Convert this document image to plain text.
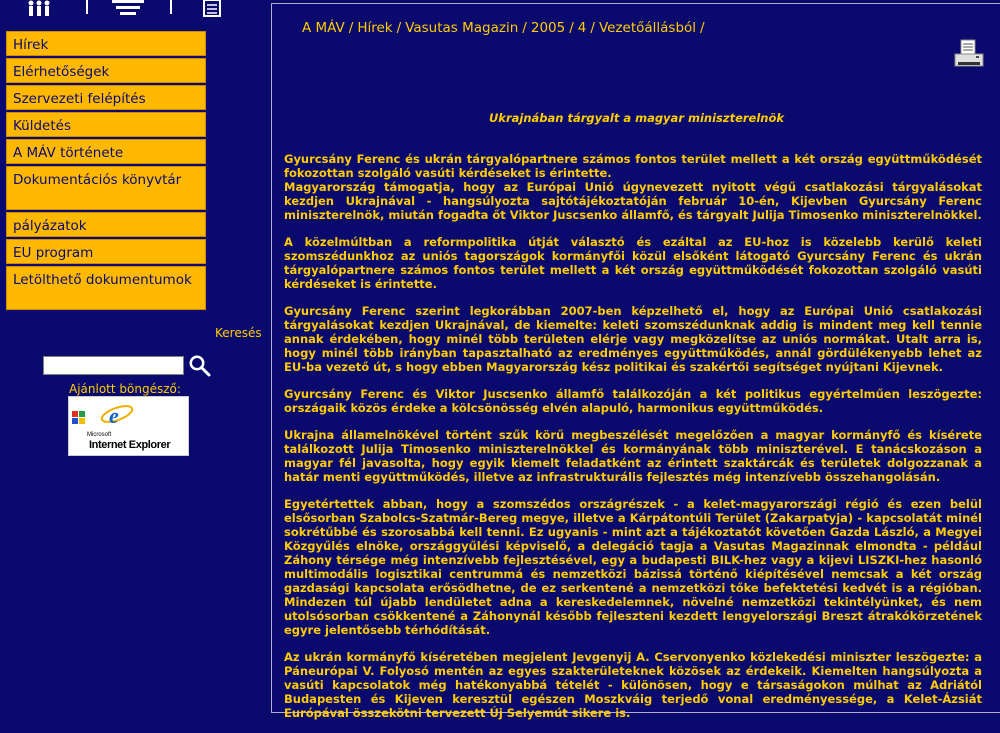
Hírek
Elérhetőségek
Szervezeti felépítés
Küldetés
A MÁV története
Dokumentációs könyvtár
pályázatok
EU program
Letölthető dokumentumok
Keresés
Ajánlott böngésző:
e
Microsoft
Internet Explorer
A MÁV / Hírek / Vasutas Magazin / 2005 / 4 / Vezetőállásból /
Ukrajnában tárgyalt a magyar miniszterelnök

Gyurcsány Ferenc és ukrán tárgyalópartnere számos fontos terület mellett a két ország együttműködését fokozottan szolgáló vasúti kérdéseket is érintette.

Magyarország támogatja, hogy az Európai Unió úgynevezett nyitott végű csatlakozási tárgyalásokat kezdjen Ukrajnával - hangsúlyozta sajtótájékoztatóján február 10-én, Kijevben Gyurcsány Ferenc miniszterelnök, miután fogadta őt Viktor Juscsenko államfő, és tárgyalt Julija Timosenko miniszterelnökkel.

A közelmúltban a reformpolitika útját választó és ezáltal az EU-hoz is közelebb kerülő keleti szomszédunkhoz az uniós tagországok kormányfői közül elsőként látogató Gyurcsány Ferenc és ukrán tárgyalópartnere számos fontos terület mellett a két ország együttműködését fokozottan szolgáló vasúti kérdéseket is érintette.

Gyurcsány Ferenc szerint legkorábban 2007-ben képzelhető el, hogy az Európai Unió csatlakozási tárgyalásokat kezdjen Ukrajnával, de kiemelte: keleti szomszédunknak addig is mindent meg kell tennie annak érdekében, hogy minél több területen elérje vagy megközelítse az uniós normákat. Utalt arra is, hogy minél több irányban tapasztalható az eredményes együttműködés, annál gördülékenyebb lehet az EU-ba vezető út, s hogy ebben Magyarország kész politikai és szakértői segítséget nyújtani Kijevnek.

Gyurcsány Ferenc és Viktor Juscsenko államfő találkozóján a két politikus egyértelműen leszögezte: országaik közös érdeke a kölcsönösség elvén alapuló, harmonikus együttműködés.

Ukrajna államelnökével történt szűk körű megbeszélését megelőzően a magyar kormányfő és kísérete találkozott Julija Timosenko miniszterelnökkel és kormányának több miniszterével. E tanácskozáson a magyar fél javasolta, hogy egyik kiemelt feladatként az érintett szaktárcák és területek dolgozzanak a határ menti együttműködés, illetve az infrastrukturális fejlesztés még intenzívebb összehangolásán.

Egyetértettek abban, hogy a szomszédos országrészek - a kelet-magyarországi régió és ezen belül elsősorban Szabolcs-Szatmár-Bereg megye, illetve a Kárpátontúli Terület (Zakarpatyja) - kapcsolatát minél sokrétűbbé és szorosabbá kell tenni. Ez ugyanis - mint azt a tájékoztatót követően Gazda László, a Megyei Közgyűlés elnöke, országgyűlési képviselő, a delegáció tagja a Vasutas Magazinnak elmondta - például Záhony térsége még intenzívebb fejlesztésével, egy a budapesti BILK-hez vagy a kijevi LISZKI-hez hasonló multimodális logisztikai centrummá és nemzetközi bázissá történő kiépítésével nemcsak a két ország gazdasági kapcsolata erősödhetne, de ez serkentené a nemzetközi tőke befektetési kedvét is a régióban. Mindezen túl újabb lendületet adna a kereskedelemnek, növelné nemzetközi tekintélyünket, és nem utolsósorban csökkentené a Záhonynál később fejleszteni kezdett lengyelországi Breszt átrakókörzetének egyre jelentősebb térhódítását.

Az ukrán kormányfő kíséretében megjelent Jevgenyij A. Cservonyenko közlekedési miniszter leszögezte: a Páneurópai V. Folyosó mentén az egyes szakterületeknek közösek az érdekeik. Kiemelten hangsúlyozta a vasúti kapcsolatok még hatékonyabbá tételét - különösen, hogy e társaságokon múlhat az Adriától Budapesten és Kijeven keresztül egészen Moszkváig terjedő vonal eredményessége, a Kelet-Ázsiát Európával összekötni tervezett Új Selyemút sikere is.
